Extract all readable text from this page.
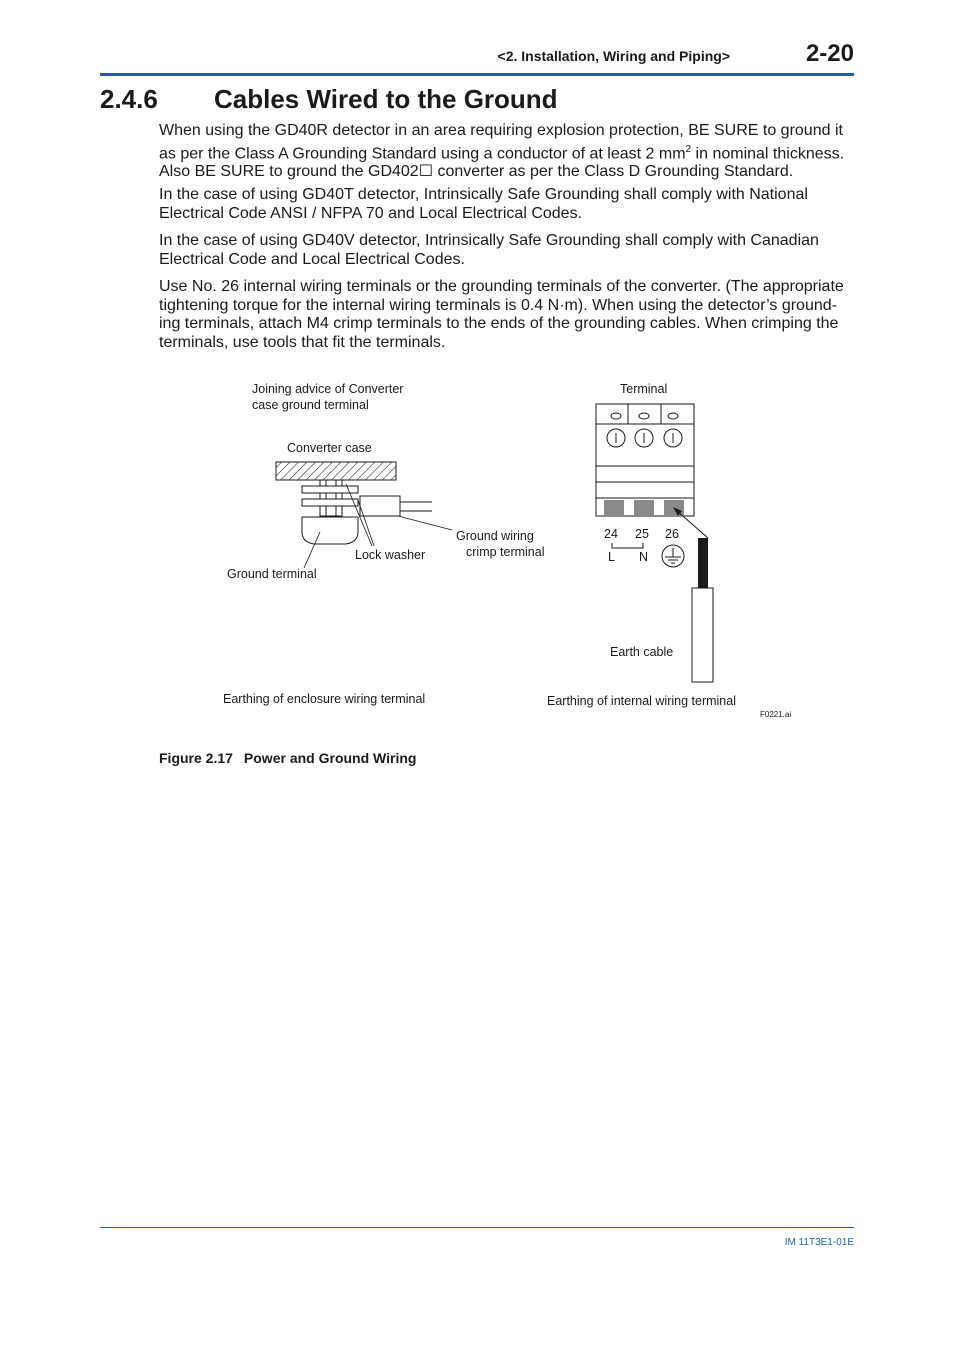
<2. Installation, Wiring and Piping>	2-20
2.4.6 Cables Wired to the Ground

When using the GD40R detector in an area requiring explosion protection, BE SURE to ground it as per the Class A Grounding Standard using a conductor of at least 2 $mm^2$ in nominal thickness. Also BE SURE to ground the GD402☐ converter as per the Class D Grounding Standard.

In the case of using GD40T detector, Intrinsically Safe Grounding shall comply with National Electrical Code ANSI / NFPA 70 and Local Electrical Codes.

In the case of using GD40V detector, Intrinsically Safe Grounding shall comply with Canadian Electrical Code and Local Electrical Codes.

Use No. 26 internal wiring terminals or the grounding terminals of the converter. (The appropriate tightening torque for the internal wiring terminals is 0.4 N·m). When using the detector’s ground-ing terminals, attach M4 crimp terminals to the ends of the grounding cables. When crimping the terminals, use tools that fit the terminals.

Joining advice of Converter
case ground terminal
Converter case
Ground wiring
crimp terminal
Lock washer
Ground terminal
Earthing of enclosure wiring terminal
Terminal
24 25 26
L N
Earth cable
Earthing of internal wiring terminal
F0221.ai
Figure 2.17 Power and Ground Wiring
IM 11T3E1-01E
